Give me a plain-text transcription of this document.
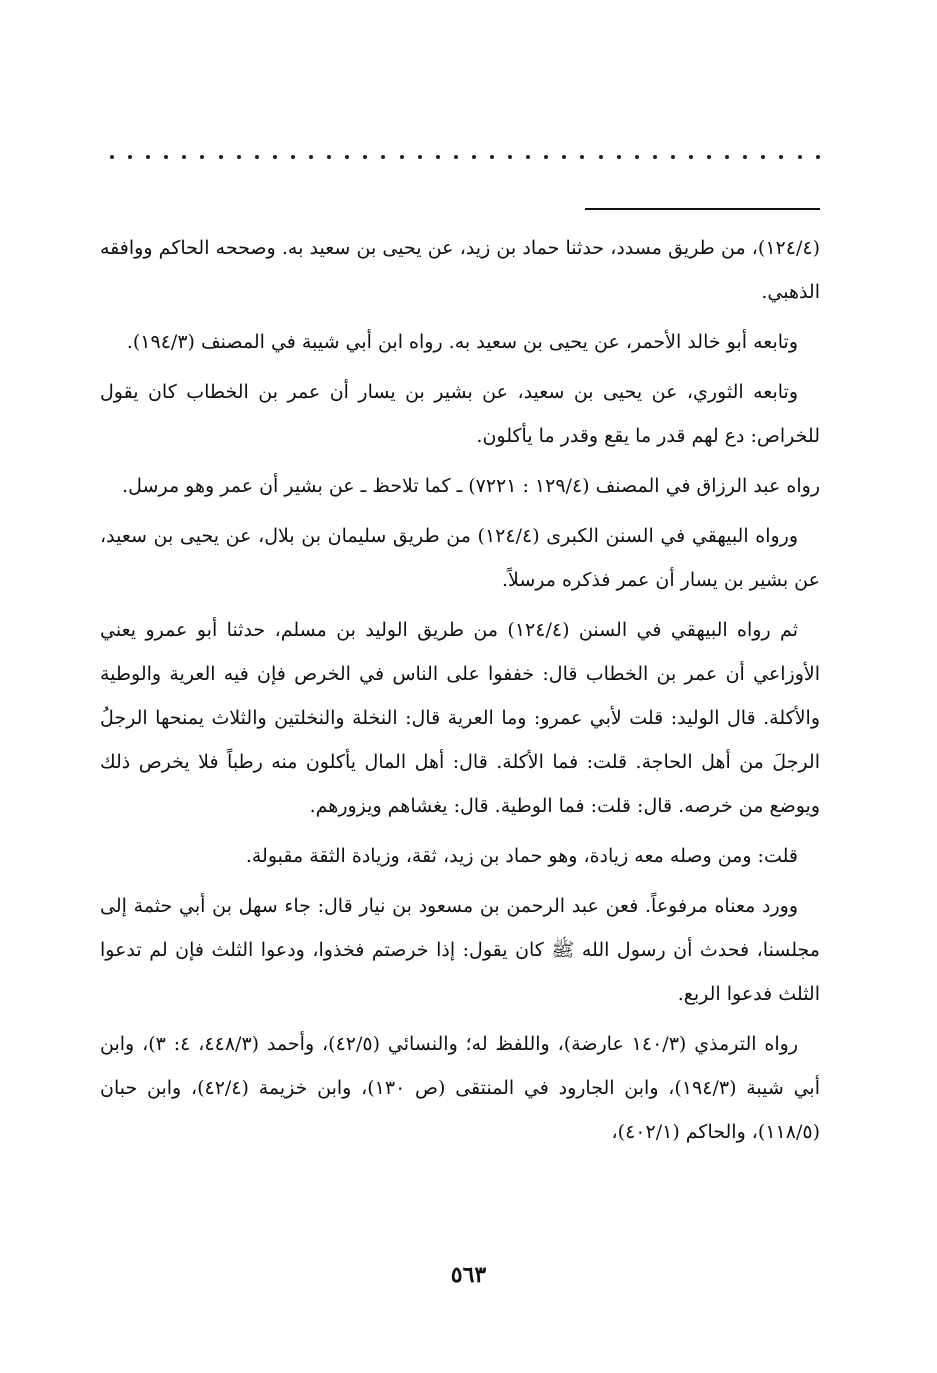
(١٢٤/٤)، من طريق مسدد، حدثنا حماد بن زيد، عن يحيى بن سعيد به. وصححه الحاكم ووافقه الذهبي.

وتابعه أبو خالد الأحمر، عن يحيى بن سعيد به. رواه ابن أبي شيبة في المصنف (١٩٤/٣).

وتابعه الثوري، عن يحيى بن سعيد، عن بشير بن يسار أن عمر بن الخطاب كان يقول للخراص: دع لهم قدر ما يقع وقدر ما يأكلون.

رواه عبد الرزاق في المصنف (١٢٩/٤ : ٧٢٢١) ـ كما تلاحظ ـ عن بشير أن عمر وهو مرسل.

ورواه البيهقي في السنن الكبرى (١٢٤/٤) من طريق سليمان بن بلال، عن يحيى بن سعيد، عن بشير بن يسار أن عمر فذكره مرسلاً.

ثم رواه البيهقي في السنن (١٢٤/٤) من طريق الوليد بن مسلم، حدثنا أبو عمرو يعني الأوزاعي أن عمر بن الخطاب قال: خففوا على الناس في الخرص فإن فيه العرية والوطية والأكلة. قال الوليد: قلت لأبي عمرو: وما العرية قال: النخلة والنخلتين والثلاث يمنحها الرجلُ الرجلَ من أهل الحاجة. قلت: فما الأكلة. قال: أهل المال يأكلون منه رطباً فلا يخرص ذلك ويوضع من خرصه. قال: قلت: فما الوطية. قال: يغشاهم ويزورهم.

قلت: ومن وصله معه زيادة، وهو حماد بن زيد، ثقة، وزيادة الثقة مقبولة.

وورد معناه مرفوعاً. فعن عبد الرحمن بن مسعود بن نيار قال: جاء سهل بن أبي حثمة إلى مجلسنا، فحدث أن رسول الله ﷺ كان يقول: إذا خرصتم فخذوا، ودعوا الثلث فإن لم تدعوا الثلث فدعوا الربع.

رواه الترمذي (١٤٠/٣ عارضة)، واللفظ له؛ والنسائي (٤٢/٥)، وأحمد (٤٤٨/٣، ٤: ٣)، وابن أبي شيبة (١٩٤/٣)، وابن الجارود في المنتقى (ص ١٣٠)، وابن خزيمة (٤٢/٤)، وابن حبان (١١٨/٥)، والحاكم (٤٠٢/١)،

٥٦٣
